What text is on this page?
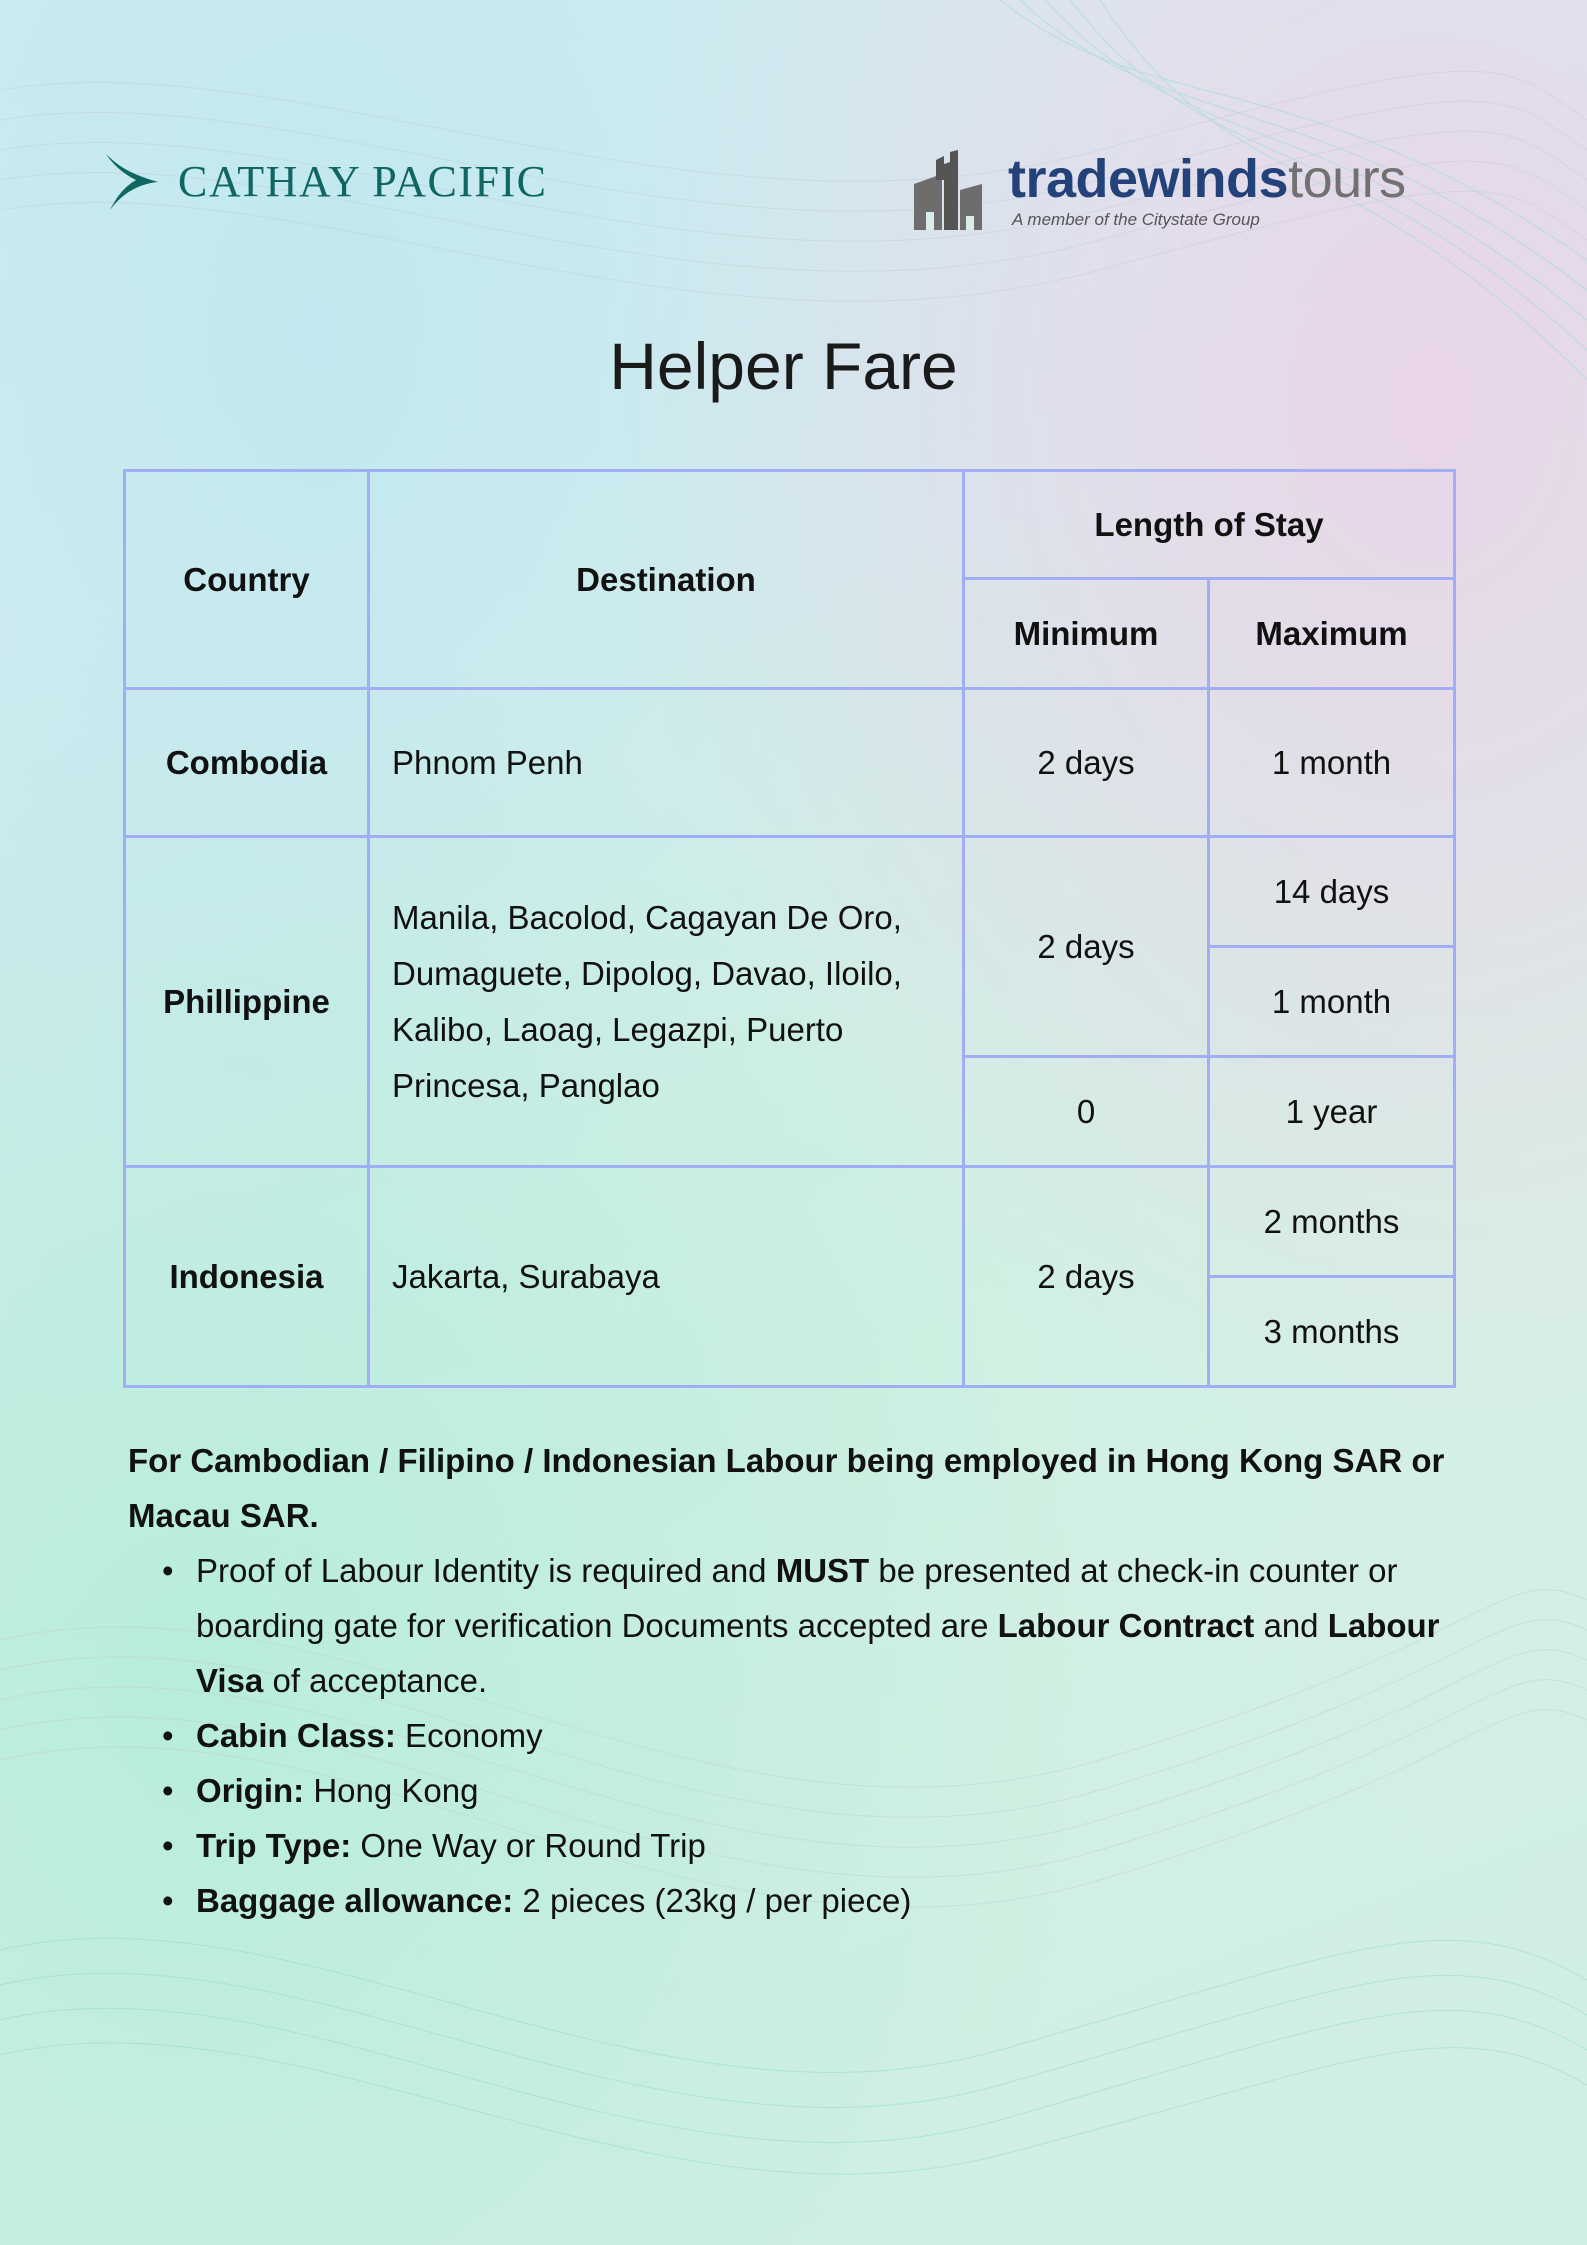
CATHAY PACIFIC	tradewindstours
A member of the Citystate Group
Helper Fare
Country	Destination	Length of Stay	
		Minimum	Maximum
Combodia	Phnom Penh	2 days	1 month
Phillippine	Manila, Bacolod, Cagayan De Oro, Dumaguete, Dipolog, Davao, Iloilo, Kalibo, Laoag, Legazpi, Puerto Princesa, Panglao	2 days	14 days
			1 month
		0	1 year
Indonesia	Jakarta, Surabaya	2 days	2 months
			3 months

For Cambodian / Filipino / Indonesian Labour being employed in Hong Kong SAR or Macau SAR.

• Proof of Labour Identity is required and MUST be presented at check-in counter or boarding gate for verification Documents accepted are Labour Contract and Labour Visa of acceptance.
• Cabin Class: Economy
• Origin: Hong Kong
• Trip Type: One Way or Round Trip
• Baggage allowance: 2 pieces (23kg / per piece)
